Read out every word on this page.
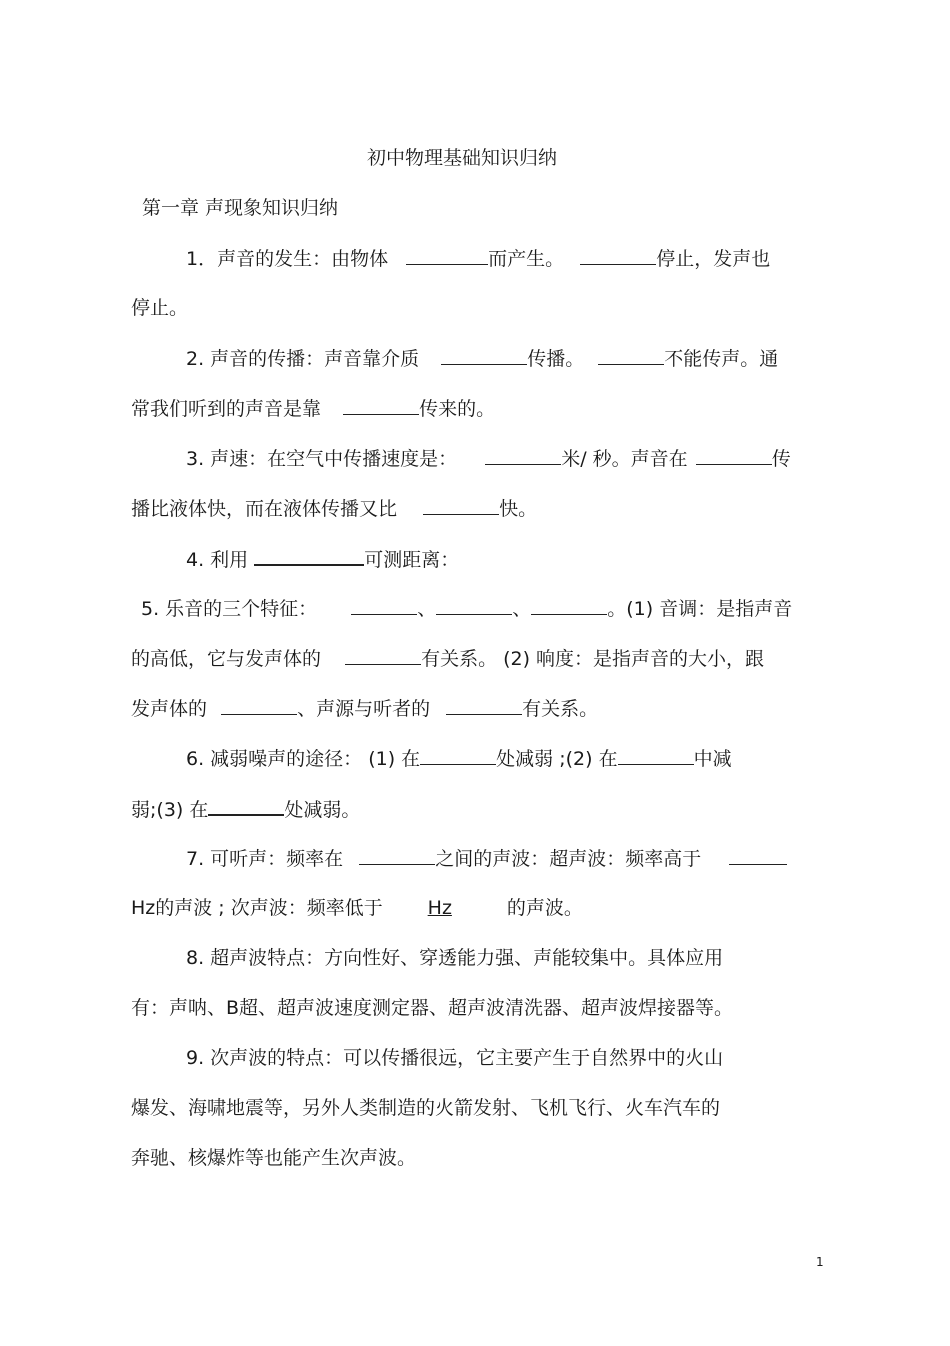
初中物理基础知识归纳
第一章 声现象知识归纳
1．声音的发生：由物体	而产生。	停止，发声也
停止。
2. 声音的传播：声音靠介质	传播。	不能传声。通
常我们听到的声音是靠	传来的。
3. 声速：在空气中传播速度是：	米/ 秒。声音在	传
播比液体快，而在液体传播又比	快。
4. 利用	可测距离：
5. 乐音的三个特征：	、	、	。(1) 音调：是指声音
的高低，它与发声体的	有关系。 (2) 响度：是指声音的大小，跟
发声体的	、声源与听者的	有关系。
6. 减弱噪声的途径： (1) 在	处减弱 ;(2) 在	中减
弱;(3) 在	处减弱。
7. 可听声：频率在	之间的声波：超声波：频率高于
Hz的声波 ; 次声波：频率低于 Hz	的声波。
8. 超声波特点：方向性好、穿透能力强、声能较集中。具体应用
有：声呐、B超、超声波速度测定器、超声波清洗器、超声波焊接器等。
9. 次声波的特点：可以传播很远，它主要产生于自然界中的火山
爆发、海啸地震等，另外人类制造的火箭发射、飞机飞行、火车汽车的
奔驰、核爆炸等也能产生次声波。
1
